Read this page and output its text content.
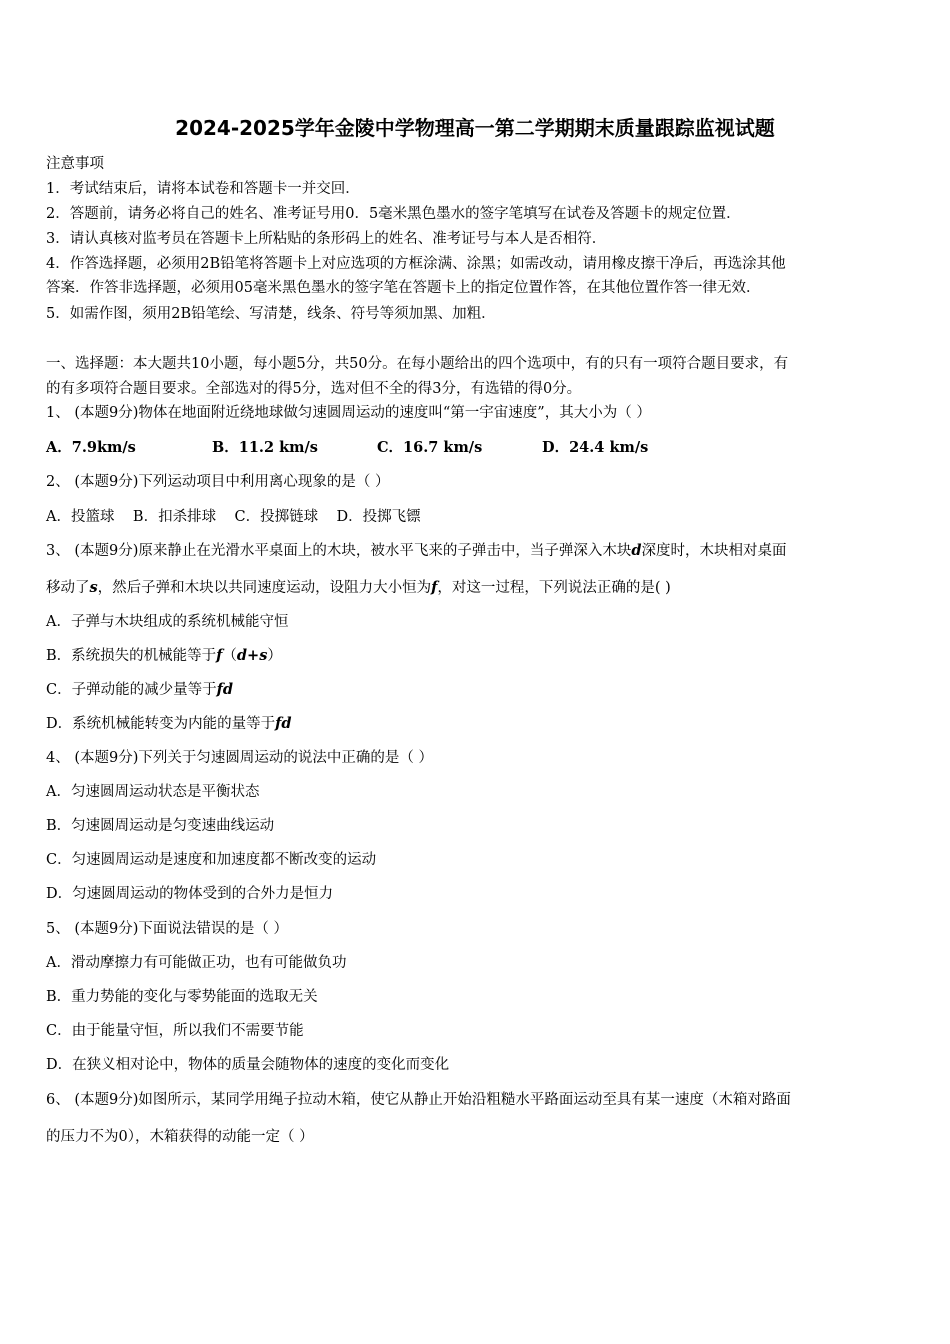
2024-2025学年金陵中学物理高一第二学期期末质量跟踪监视试题
注意事项
1．考试结束后，请将本试卷和答题卡一并交回．
2．答题前，请务必将自己的姓名、准考证号用0．5毫米黑色墨水的签字笔填写在试卷及答题卡的规定位置．
3．请认真核对监考员在答题卡上所粘贴的条形码上的姓名、准考证号与本人是否相符．
4．作答选择题，必须用2B铅笔将答题卡上对应选项的方框涂满、涂黑；如需改动，请用橡皮擦干净后，再选涂其他
答案．作答非选择题，必须用05毫米黑色墨水的签字笔在答题卡上的指定位置作答，在其他位置作答一律无效．
5．如需作图，须用2B铅笔绘、写清楚，线条、符号等须加黑、加粗．
一、选择题：本大题共10小题，每小题5分，共50分。在每小题给出的四个选项中，有的只有一项符合题目要求，有
的有多项符合题目要求。全部选对的得5分，选对但不全的得3分，有选错的得0分。
1、 (本题9分)物体在地面附近绕地球做匀速圆周运动的速度叫“第一宇宙速度”，其大小为（ ）
A．7.9km/s	B．11.2 km/s	C．16.7 km/s	D．24.4 km/s
2、 (本题9分)下列运动项目中利用离心现象的是（ ）
A．投篮球    B．扣杀排球    C．投掷链球    D．投掷飞镖
3、 (本题9分)原来静止在光滑水平桌面上的木块，被水平飞来的子弹击中，当子弹深入木块d深度时，木块相对桌面
移动了s，然后子弹和木块以共同速度运动，设阻力大小恒为f，对这一过程，下列说法正确的是( )
A．子弹与木块组成的系统机械能守恒
B．系统损失的机械能等于f（d+s）
C．子弹动能的减少量等于fd
D．系统机械能转变为内能的量等于fd
4、 (本题9分)下列关于匀速圆周运动的说法中正确的是（ ）
A．匀速圆周运动状态是平衡状态
B．匀速圆周运动是匀变速曲线运动
C．匀速圆周运动是速度和加速度都不断改变的运动
D．匀速圆周运动的物体受到的合外力是恒力
5、 (本题9分)下面说法错误的是（ ）
A．滑动摩擦力有可能做正功，也有可能做负功
B．重力势能的变化与零势能面的选取无关
C．由于能量守恒，所以我们不需要节能
D．在狭义相对论中，物体的质量会随物体的速度的变化而变化
6、 (本题9分)如图所示，某同学用绳子拉动木箱，使它从静止开始沿粗糙水平路面运动至具有某一速度（木箱对路面
的压力不为0），木箱获得的动能一定（ ）
